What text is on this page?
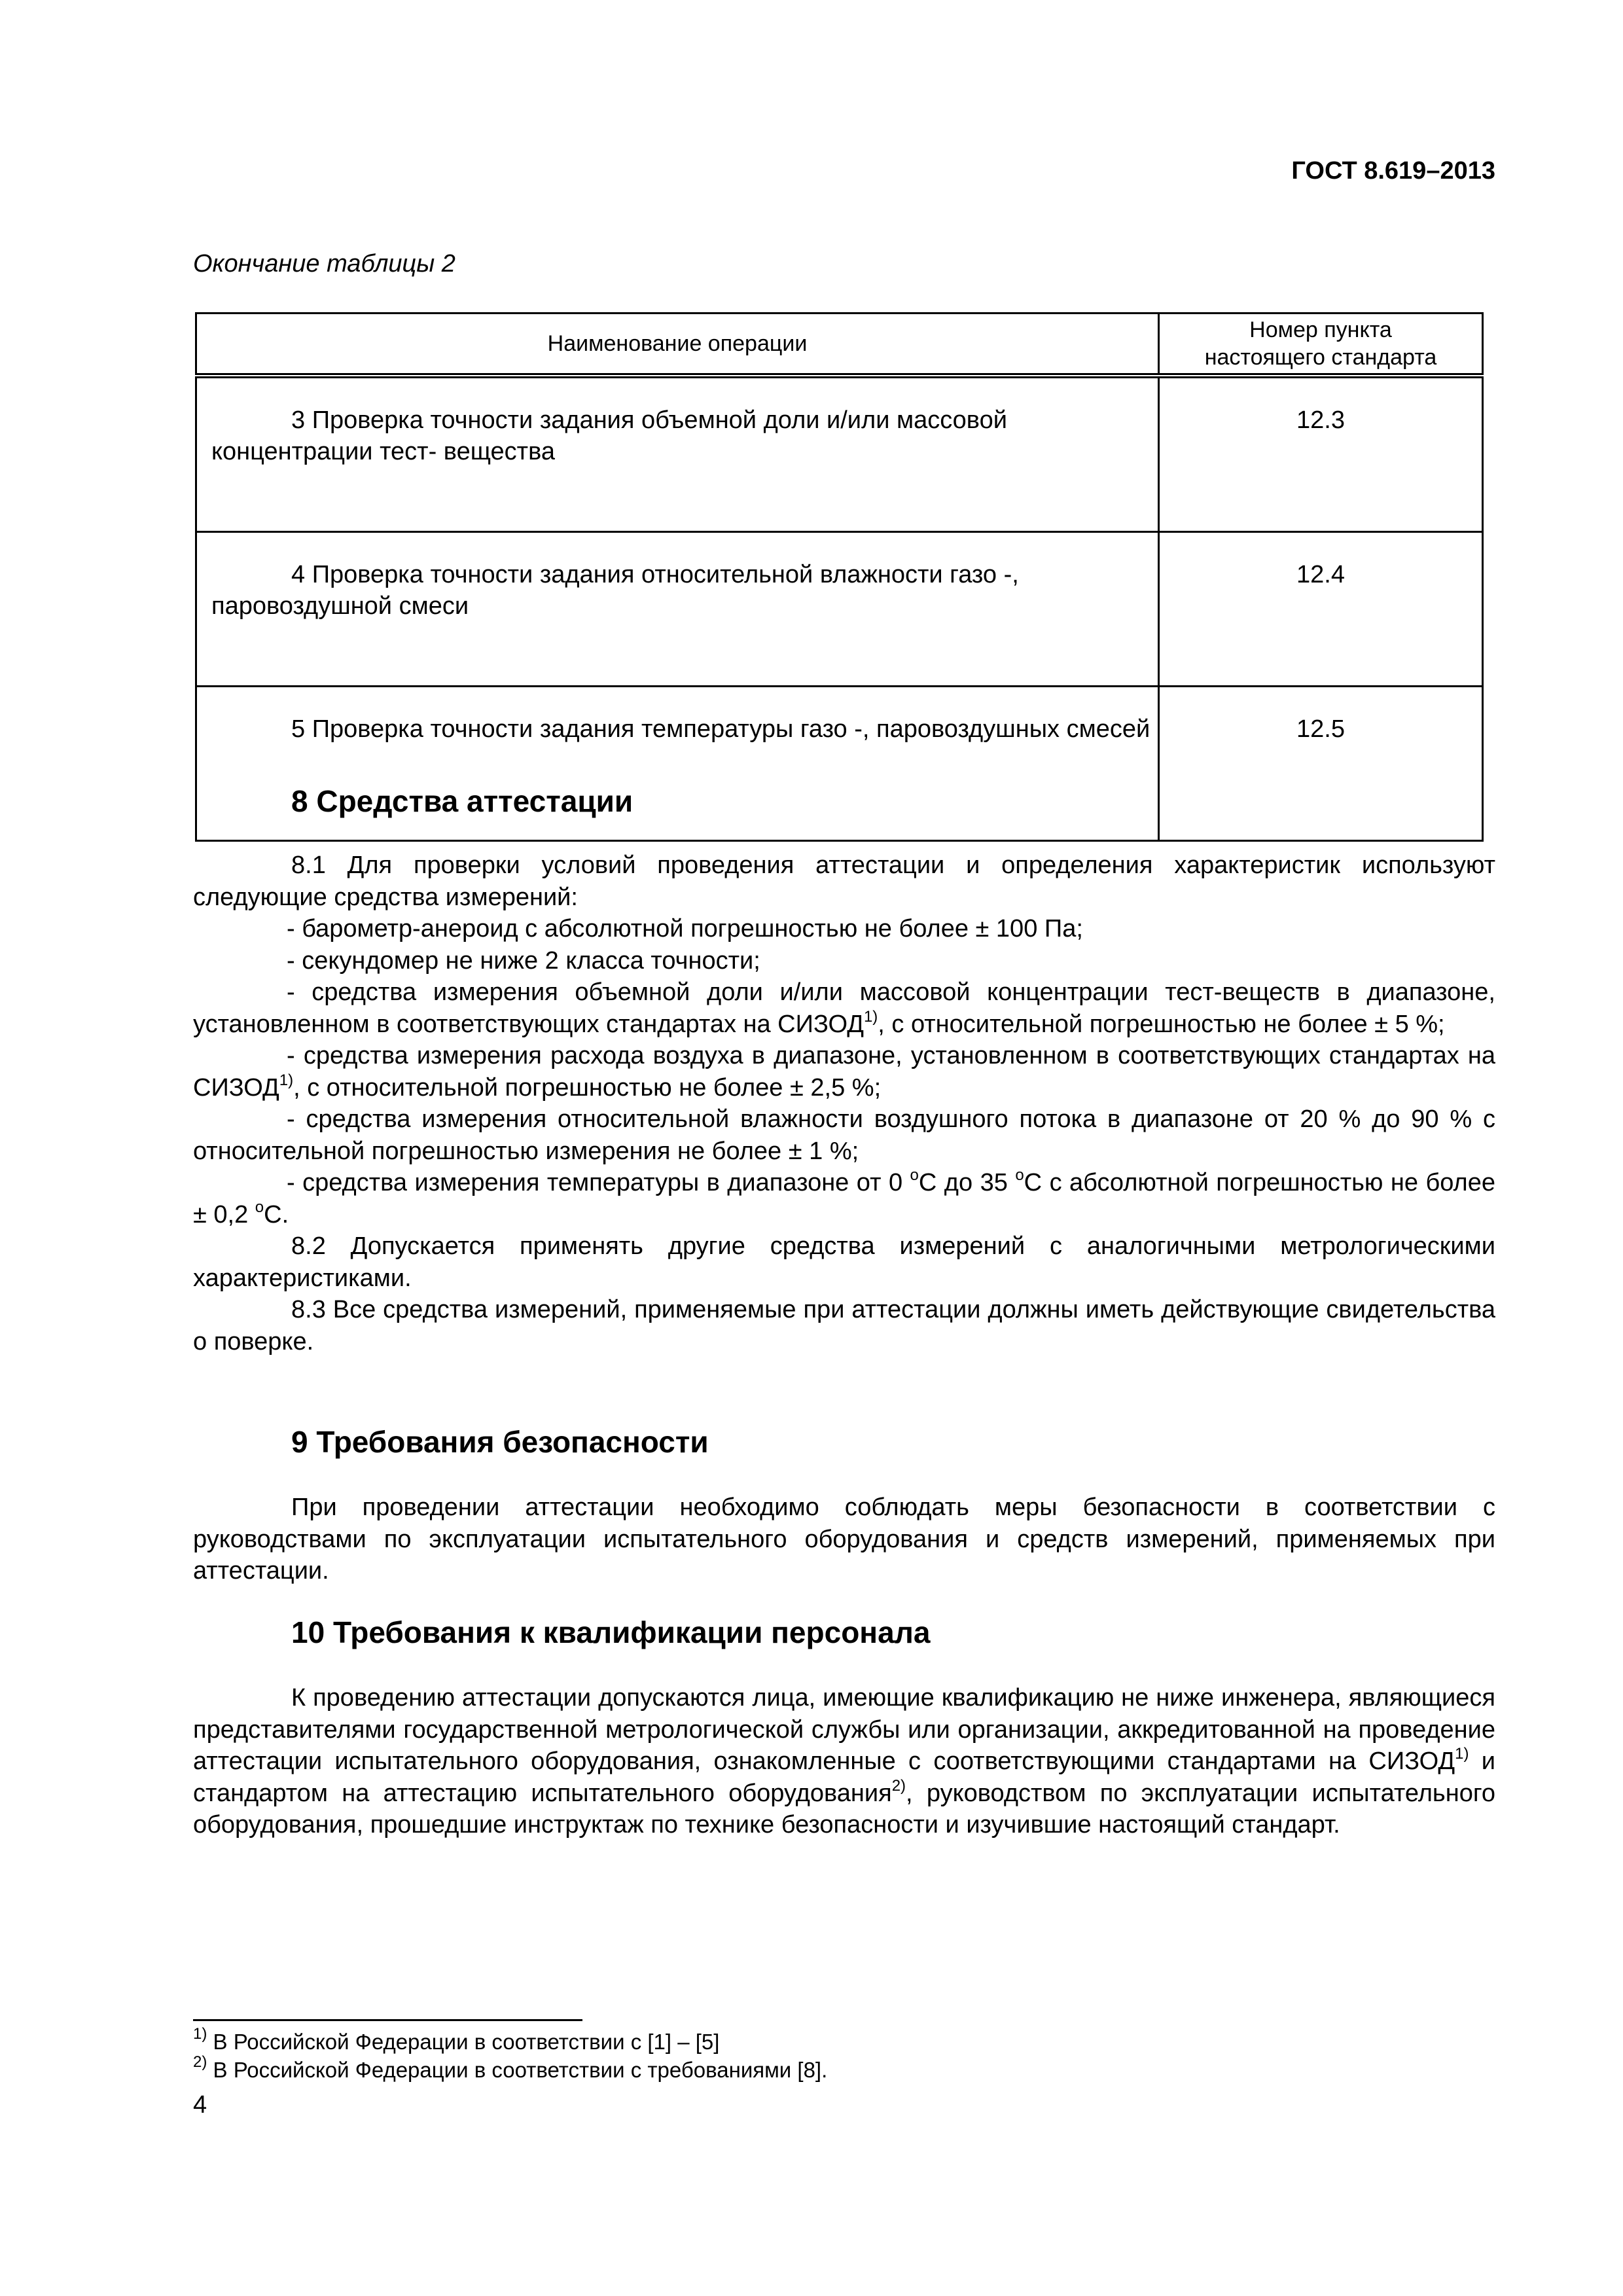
ГОСТ 8.619–2013
Окончание таблицы 2
Наименование операции	Номер пункта
настоящего стандарта

3 Проверка точности задания объемной доли и/или массовой концентрации тест- вещества	12.3
4 Проверка точности задания относительной влажности газо -, паровоздушной смеси	12.4
5 Проверка точности задания температуры газо -, паровоздушных смесей	12.5
8 Средства аттестации

8.1 Для проверки условий проведения аттестации и определения характеристик используют следующие средства измерений:

- барометр-анероид с абсолютной погрешностью не более ± 100 Па;

- секундомер не ниже 2 класса точности;

- средства измерения объемной доли и/или массовой концентрации тест-веществ в диапазоне, установленном в соответствующих стандартах на СИЗОД$^{1)}$, с относительной погрешностью не более ± 5 %;

- средства измерения расхода воздуха в диапазоне, установленном в соответствующих стандартах на СИЗОД$^{1)}$, с относительной погрешностью не более ± 2,5 %;

- средства измерения относительной влажности воздушного потока в диапазоне от 20 % до 90 % с относительной погрешностью измерения не более ± 1 %;

- средства измерения температуры в диапазоне от 0 $^о$С до 35 $^о$С с абсолютной погрешностью не более ± 0,2 $^о$С.

8.2 Допускается применять другие средства измерений с аналогичными метрологическими характеристиками.

8.3 Все средства измерений, применяемые при аттестации должны иметь действующие свидетельства о поверке.

9 Требования безопасности

При проведении аттестации необходимо соблюдать меры безопасности в соответствии с руководствами по эксплуатации испытательного оборудования и средств измерений, применяемых при аттестации.

10 Требования к квалификации персонала

К проведению аттестации допускаются лица, имеющие квалификацию не ниже инженера, являющиеся представителями государственной метрологической службы или организации, аккредитованной на проведение аттестации испытательного оборудования, ознакомленные с соответствующими стандартами на СИЗОД$^{1)}$ и стандартом на аттестацию испытательного оборудования$^{2)}$, руководством по эксплуатации испытательного оборудования, прошедшие инструктаж по технике безопасности и изучившие настоящий стандарт.

$^{1)}$ В Российской Федерации в соответствии с [1] – [5]
$^{2)}$ В Российской Федерации в соответствии с требованиями [8].
4
